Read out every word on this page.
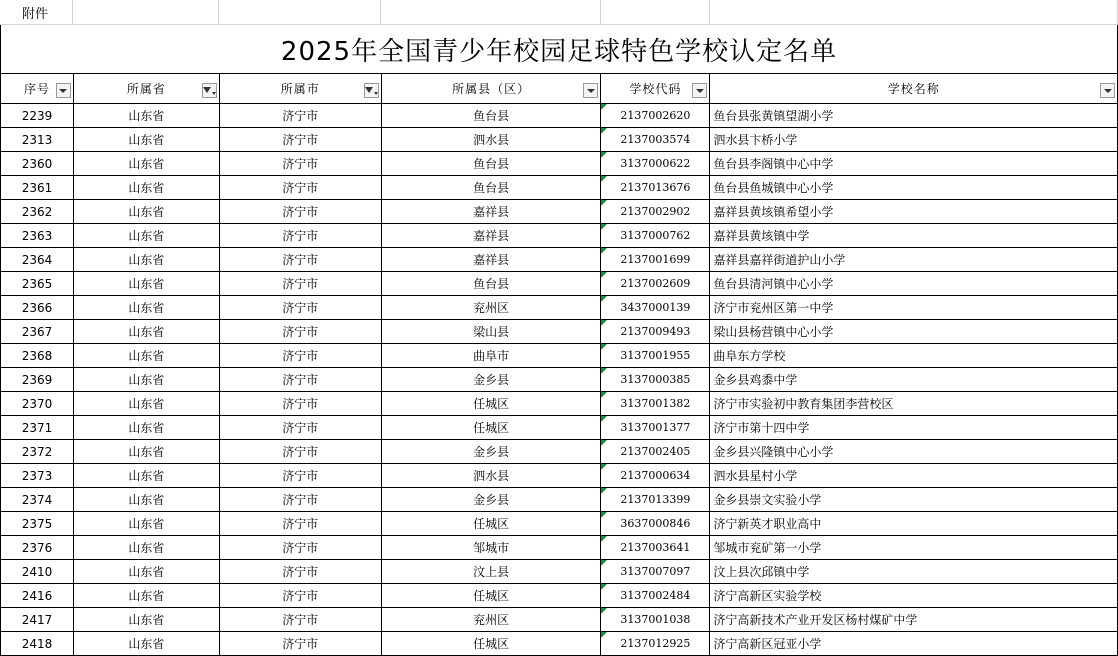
附件
2025年全国青少年校园足球特色学校认定名单
序号	所属省	所属市	所属县（区）	学校代码	学校名称
2239	山东省	济宁市	鱼台县	2137002620 鱼台县张黄镇望湖小学
2313	山东省	济宁市	泗水县	2137003574 泗水县卞桥小学
2360	山东省	济宁市	鱼台县	3137000622 鱼台县李阁镇中心中学
2361	山东省	济宁市	鱼台县	2137013676 鱼台县鱼城镇中心小学
2362	山东省	济宁市	嘉祥县	2137002902 嘉祥县黄垓镇希望小学
2363	山东省	济宁市	嘉祥县	3137000762 嘉祥县黄垓镇中学
2364	山东省	济宁市	嘉祥县	2137001699 嘉祥县嘉祥街道护山小学
2365	山东省	济宁市	鱼台县	2137002609 鱼台县清河镇中心小学
2366	山东省	济宁市	兖州区	3437000139 济宁市兖州区第一中学
2367	山东省	济宁市	梁山县	2137009493 梁山县杨营镇中心小学
2368	山东省	济宁市	曲阜市	3137001955 曲阜东方学校
2369	山东省	济宁市	金乡县	3137000385 金乡县鸡黍中学
2370	山东省	济宁市	任城区	3137001382 济宁市实验初中教育集团李营校区
2371	山东省	济宁市	任城区	3137001377 济宁市第十四中学
2372	山东省	济宁市	金乡县	2137002405 金乡县兴隆镇中心小学
2373	山东省	济宁市	泗水县	2137000634 泗水县星村小学
2374	山东省	济宁市	金乡县	2137013399 金乡县崇文实验小学
2375	山东省	济宁市	任城区	3637000846 济宁新英才职业高中
2376	山东省	济宁市	邹城市	2137003641 邹城市兖矿第一小学
2410	山东省	济宁市	汶上县	3137007097 汶上县次邱镇中学
2416	山东省	济宁市	任城区	3137002484 济宁高新区实验学校
2417	山东省	济宁市	兖州区	3137001038 济宁高新技术产业开发区杨村煤矿中学
2418	山东省	济宁市	任城区	2137012925 济宁高新区冠亚小学
